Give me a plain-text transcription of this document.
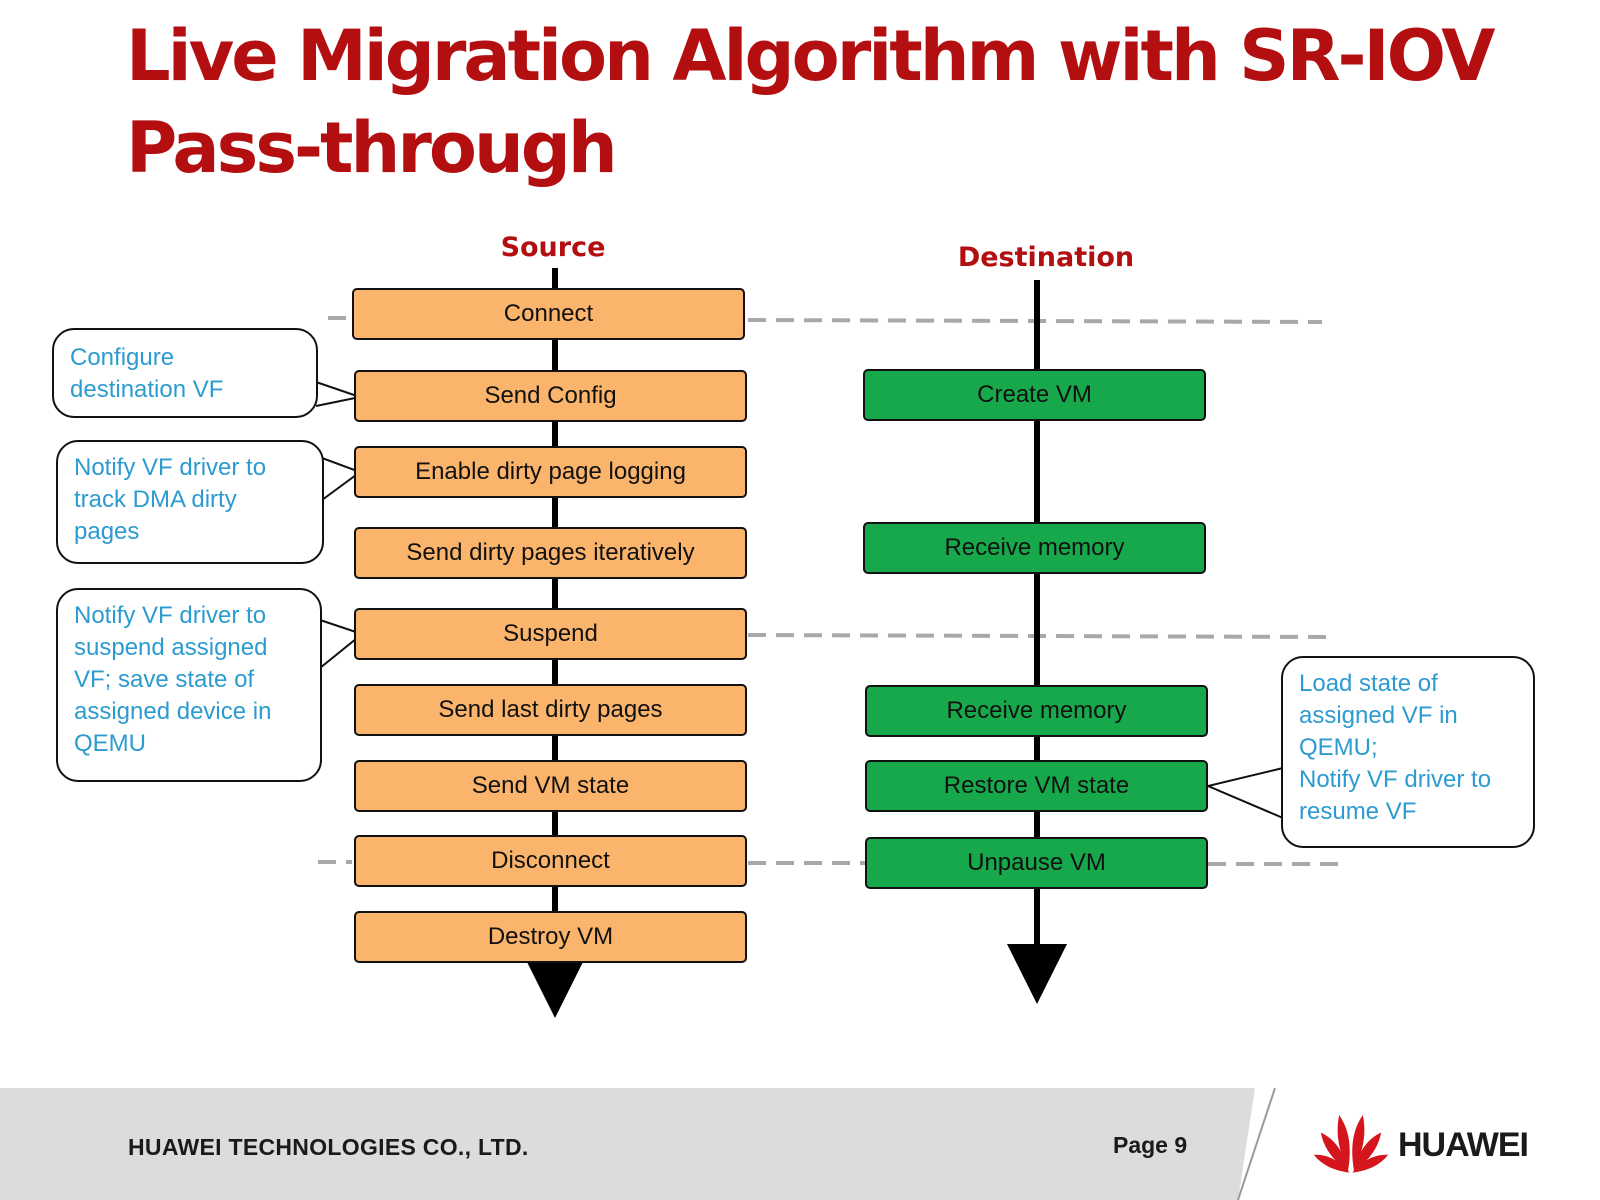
Live Migration Algorithm with SR-IOV
Pass-through
Source	Destination
Connect
Send Config
Enable dirty page logging
Send dirty pages iteratively
Suspend
Send last dirty pages
Send VM state
Disconnect
Destroy VM
Create VM
Receive memory
Receive memory
Restore VM state
Unpause VM
Configure
destination VF
Notify VF driver to
track DMA dirty
pages
Notify VF driver to
suspend assigned
VF; save state of
assigned device in
QEMU
Load state of
assigned VF in
QEMU;
Notify VF driver to
resume VF
HUAWEI TECHNOLOGIES CO., LTD.	Page 9	HUAWEI
